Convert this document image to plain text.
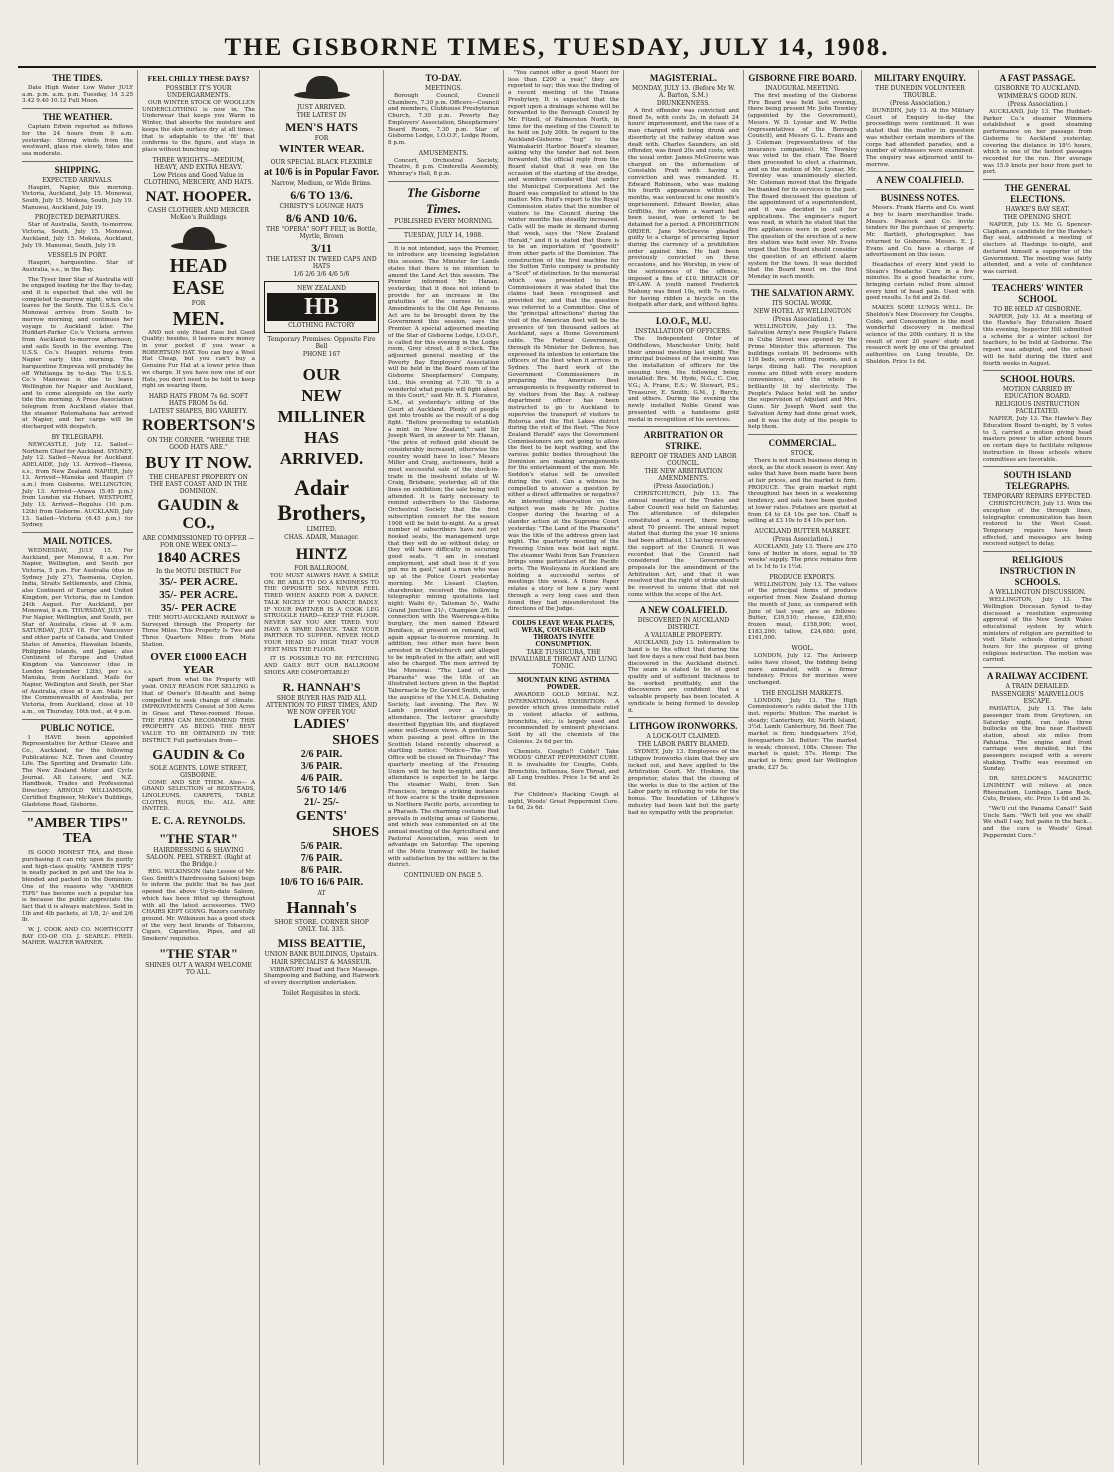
THE GISBORNE TIMES, TUESDAY, JULY 14, 1908.
THE TIDES.

Date High Water Low Water JULY a.m. p.m. a.m. p.m. Tuesday, 14 3.25 3.42 9.40 10.12 Full Moon.

THE WEATHER.

Captain Edwin reported as follows for the 24 hours from 9 a.m. yesterday: Strong winds from the westward, glass rise slowly, tides and sea moderate.

SHIPPING.
EXPECTED ARRIVALS.

Haupiri, Napier, this morning. Victoria, Auckland, July 15. Monowai, South, July 15. Mokoia, South, July 19. Manuwai, Auckland, July 19.

PROJECTED DEPARTURES.

Star of Australia, South, to-morrow. Victoria, South, July 15. Monowai, Auckland, July 15. Mokoia, Auckland, July 19. Manuwai, South, July 19.

VESSELS IN PORT.

Haupiri, barquentine. Star of Australia, s.s., in the Bay.

The Tyser liner Star of Australia will be engaged loading for the Bay to-day, and it is expected that she will be completed to-morrow night, when she leaves for the South. The U.S.S. Co.'s Monowai arrives from South to-morrow morning, and continues her voyage to Auckland later. The Huddart-Parker Co.'s Victoria arrives from Auckland to-morrow afternoon, and sails South in the evening. The U.S.S. Co.'s Haupiri returns from Napier early this morning. The barquentine Empreza will probably be off Whitianga by to-day. The U.S.S. Co.'s Manuwai is due to leave Wellington for Napier and Auckland, and to come alongside on the early tide this morning. A Press Association telegram from Auckland states that the steamer Rotomahana has arrived at Napier, and her cargo will be discharged with despatch.

BY TELEGRAPH.

NEWCASTLE, July 12. Sailed—Northern Chief for Auckland. SYDNEY, July 12. Sailed—Navua for Auckland. ADELAIDE, July 13. Arrived—Hawea, s.s., from New Zealand. NAPIER, July 13. Arrived—Manuka and Haupiri (7 a.m.) from Gisborne. WELLINGTON, July 13. Arrived—Arawa (5.45 p.m.) from London via Hobart. WESTPORT, July 13. Arrived—Regulus (10 p.m. 12th) from Gisborne. AUCKLAND, July 13. Sailed—Victoria (6.45 p.m.) for Sydney.

MAIL NOTICES.

WEDNESDAY, JULY 15. For Auckland, per Monowai, 8 a.m. For Napier, Wellington, and South per Victoria, 5 p.m. For Australia (due in Sydney July 27), Tasmania, Ceylon, India, Straits Settlements, and China, also Continent of Europe and United Kingdom, per Victoria, due in London 24th August. For Auckland, per Monowai, 8 a.m. THURSDAY, JULY 16. For Napier, Wellington, and South, per Star of Australia, close at 9 a.m. SATURDAY, JULY 18. For Vancouver and other parts of Canada, and United States of America, Hawaiian Islands, Philippine Islands, and Japan; also Continent of Europe and United Kingdom via Vancouver (due in London September 12th), per s.s. Manuka, from Auckland. Mails for Napier, Wellington and South, per Star of Australia, close at 9 a.m. Mails for the Commonwealth of Australia, per Victoria, from Auckland, close at 10 a.m., on Thursday, 16th inst., at 4 p.m.

PUBLIC NOTICE.

I HAVE been appointed Representative for Arthur Cleave and Co., Auckland, for the following Publications: N.Z. Town and Country Life. The Sporting and Dramatic Life. The New Zealand Motor and Cycle Journal. All Leisure, and N.Z. Handbook, Trades and Professional Directory. ARNOLD WILLIAMSON, Certified Engineer, McKee's Buildings, Gladstone Road, Gisborne.

"AMBER TIPS" TEA

IS GOOD HONEST TEA, and those purchasing it can rely upon its purity and high-class quality. "AMBER TIPS" is neatly packed in pot and the tea is blended and packed in the Dominion. One of the reasons why "AMBER TIPS" has become such a popular tea is because the public appreciate the fact that it is always matchless. Sold in 1lb and 4lb packets, at 1/8, 2/- and 2/6 lb.

W. J. COOK AND CO. NORTHCOTT BAY CO-OP. CO. J. SEARLE. FRED. MAHER. WALTER WARNER.

FEEL CHILLY THESE DAYS?
POSSIBLY IT'S YOUR UNDERGARMENTS.

OUR WINTER STOCK OF WOOLLEN UNDERCLOTHING is now in. The Underwear that keeps you Warm in Winter, that absorbs the moisture and keeps the skin surface dry at all times, that is adaptable to the 'fit' that conforms to the figure, and stays in place without bunching up.

THREE WEIGHTS—MEDIUM, HEAVY, AND EXTRA HEAVY.
Low Prices and Good Value in CLOTHING, MERCERY, AND HATS.
NAT. HOOPER.
CASH CLOTHIER AND MERCER McKee's Buildings
HEAD EASE
FOR
MEN.

AND not only Head Ease but Good Quality; besides, it leaves more money in your pocket if you wear a ROBERTSON HAT. You can buy a Wool Hat Cheap, but you can't buy a Genuine Fur Hat at a lower price than we charge. If you have now one of our Hats, you don't need to be told to keep right on wearing them.

HARD HATS FROM 7s 6d. SOFT HATS FROM 5s 6d.
LATEST SHAPES, BIG VARIETY.
ROBERTSON'S
ON THE CORNER. "WHERE THE GOOD HATS ARE."
BUY IT NOW.
THE CHEAPEST PROPERTY ON THE EAST COAST AND IN THE DOMINION.
GAUDIN & CO.,
ARE COMMISSIONED TO OFFER —FOR ONE WEEK ONLY—
1840 ACRES
In the MOTU DISTRICT For
35/- PER ACRE.
35/- PER ACRE.
35/- PER ACRE

THE MOTU-AUCKLAND RAILWAY is Surveyed through the Property for Three Miles. This Property Is Two and Three Quarters Miles from Motu Station.

OVER £1000 EACH YEAR

apart from what the Property will yield. ONLY REASON FOR SELLING is that of Owner's Ill-health and being compelled to seek change of climate. IMPROVEMENTS Consist of 500 Acres in Grass and Three-roomed House. THE FIRM CAN RECOMMEND THIS PROPERTY AS BEING THE BEST VALUE TO BE OBTAINED IN THE DISTRICT. Full particulars from—

GAUDIN & Co
SOLE AGENTS. LOWE STREET, GISBORNE.

COME AND SEE THEM. Also— A GRAND SELECTION of BEDSTEADS, LINOLEUMS, CARPETS, TABLE CLOTHS, RUGS, Etc. ALL ARE INVITED.

E. C. A. REYNOLDS.
"THE STAR"
HAIRDRESSING & SHAVING SALOON. PEEL STREET. (Right at the Bridge.)

REG. WILKINSON (late Lessee of Mr. Geo. Smith's Hairdressing Saloon) begs to inform the public that he has just opened the above Up-to-date Saloon, which has been fitted up throughout with all the latest accessories. TWO CHAIRS KEPT GOING. Razors carefully ground. Mr. Wilkinson has a good stock of the very best brands of Tobaccos, Cigars, Cigarettes, Pipes, and all Smokers' requisites.

"THE STAR"
SHINES OUT A WARM WELCOME TO ALL.
JUST ARRIVED.
THE LATEST IN
MEN'S HATS
FOR
WINTER WEAR.
OUR SPECIAL BLACK FLEXIBLE
at 10/6 is in Popular Favor.
Narrow, Medium, or Wide Brims.
6/6 TO 13/6.
CHRISTY'S LOUNGE HATS
8/6 AND 10/6.
THE "OPERA" SOFT FELT, in Bottle, Myrtle, Brown
3/11
THE LATEST IN TWEED CAPS AND HATS
1/6 2/6 3/6 4/6 5/6
NEW ZEALAND
HB
CLOTHING FACTORY
Temporary Premises: Opposite Fire Bell
PHONE 167
OUR
NEW
MILLINER
HAS
ARRIVED.
Adair
Brothers,
LIMITED.
CHAS. ADAIR, Manager.
HINTZ
FOR BALLROOM.

YOU MUST ALWAYS HAVE A SMILE ON. BE ABLE TO DO A KINDNESS TO THE OPPOSITE SEX. NEVER FEEL TIRED WHEN ASKED FOR A DANCE. TALK NICELY IF YOU DANCE BADLY. IF YOUR PARTNER IS A COOK LEG STRUGGLE HARD—KEEP THE FLOOR. NEVER SAY YOU ARE TIRED. YOU HAVE A SPARE DANCE. TAKE YOUR PARTNER TO SUPPER. NEVER HOLD YOUR HEAD SO HIGH THAT YOUR FEET MISS THE FLOOR.

IT IS POSSIBLE TO BE FETCHING AND GAILY BUT OUR BALLROOM SHOES ARE COMFORTABLE!

R. HANNAH'S
SHOE BUYER HAS PAID ALL ATTENTION TO FIRST TIMES, AND WE NOW OFFER YOU
LADIES'
SHOES
2/6 PAIR.
3/6 PAIR.
4/6 PAIR.
5/6 TO 14/6
21/- 25/-
GENTS'
SHOES
5/6 PAIR.
7/6 PAIR.
8/6 PAIR.
10/6 TO 16/6 PAIR.
AT
Hannah's
SHOE STORE. CORNER SHOP ONLY. Tel. 335.
MISS BEATTIE,
UNION BANK BUILDINGS, Upstairs.
HAIR SPECIALIST & MASSEUR.

VIBRATORY Head and Face Massage. Shampooing and Bathing, and Hairwork of every description undertaken.

Toilet Requisites in stock.
TO-DAY.
MEETINGS.

Borough Council, Council Chambers, 7.30 p.m. Officers—Council and members, Clubhouse Presbyterian Church, 7.30 p.m. Poverty Bay Employers' Association, Sheepfarmers' Board Room, 7.30 p.m. Star of Gisborne Lodge, I.O.O.F., Lodge Room, 8 p.m.

AMUSEMENTS.

Concert, Orchestral Society, Theatre, 8 p.m. Cinderella Assembly, Whinray's Hall, 8 p.m.

The Gisborne Times.
PUBLISHED EVERY MORNING.
TUESDAY, JULY 14, 1908.

It is not intended, says the Premier, to introduce any licensing legislation this session. The Minister for Lands states that there is no intention to amend the Land Act this session. The Premier informed Mr. Hanan, yesterday, that it does not intend to provide for an increase in the gratuities of the nurses to us. Amendments to the Old Age Pensions Act are to be brought down by the Government this session, says the Premier. A special adjourned meeting of the Star of Gisborne Lodge, I.O.O.F., is called for this evening in the Lodge room, Grey street, at 8 o'clock. The adjourned general meeting of the Poverty Bay Employers' Association will be held in the Board room of the Gisborne Sheepfarmers' Company, Ltd., this evening at 7.30. "It is a wonderful what people will fight about in this Court," said Mr. R. S. Florance, S.M., at yesterday's sitting of the Court at Auckland. Plenty of people get into trouble as the result of a dog fight. "Before proceeding to establish a mint in New Zealand," said Sir Joseph Ward, in answer to Mr. Hanan, "the price of refined gold should be considerably increased, otherwise the country would have to lose." Messrs Miller and Craig, auctioneers, held a most successful sale of the stock-in-trade in the insolvent estate of W. Craig, Brisbane, yesterday, all of the lines on exhibition; the sale being well attended. It is fairly necessary to remind subscribers to the Gisborne Orchestral Society that the first subscription concert for the season 1908 will be held to-night. As a great number of subscribers have not yet booked seats, the management urge that they will do so without delay, or they will have difficulty in securing good seats. "I am in constant employment, and shall lose it if you put me in gaol," said a man who was up at the Police Court yesterday morning. Mr. Lissant Clayton, sharebroker, received the following telegraphic mining quotations last night: Waihi 6/-, Talisman 5/-, Waihi Grand Junction 21/-, Champion 2/6. In connection with the Waerenga-a-hika burglary, the men named Edward Boniface, at present on remand, will again appear to-morrow morning. In addition, two other men have been arrested in Christchurch and alleged to be implicated in the affair, and will also be charged. The men arrived by the Monowai. "The Land of the Pharaohs" was the title of an illustrated lecture given in the Baptist Tabernacle by Dr. Gerard Smith, under the auspices of the Y.M.C.A. Debating Society, last evening. The Rev. W. Lamb presided over a large attendance. The lecturer gracefully described Egyptian life, and displayed some well-chosen views. A gentleman when passing a post office in the Scottish Island recently observed a startling notice: "Notice—The Post Office will be closed on Thursday." The quarterly meeting of the Freezing Union will be held to-night, and the attendance is expected to be large. The steamer Waihi, from San Francisco, brings a striking instance of how scarce is the trade depression in Northern Pacific ports, according to a Pharaoh. The charming costume that prevails in outlying areas of Gisborne, and which was commented on at the annual meeting of the Agricultural and Pastoral Association, was seen to advantage on Saturday. The opening of the Motu tramway will be hailed with satisfaction by the settlers in the district.

CONTINUED ON PAGE 5.

"You cannot offer a good Maori for less than £200 a year," they are reported to say; this was the finding of a recent meeting of the Tinana Presbytery. It is expected that the report upon a drainage scheme will be forwarded to the Borough Council by Mr. Fitzell, of Palmerston North, in time for the meeting of the Council to be held on July 20th. In regard to the Auckland-Gisborne "tug" to the Waimakariri Harbor Board's steamer, asking why the tender had not been forwarded, the official reply from the Board stated that it was on the occasion of the starting of the dredge, and wonders considered that under the Municipal Corporations Act the Board was compelled to attend to the matter. Mrs. Reid's report to the Royal Commission states that the number of visitors to the Council during the winter months has steadily increased. Calls will be made in demand during that week, says the "New Zealand Herald," and it is stated that there is to be an importation of "goodwill" from other parts of the Dominion. The construction of the first machine for the Sutton Tinto company is probably a "Scot" of distinction. In the memorial which was presented to the Commissioners it was stated that the claims had been recognised and provided for, and that the question was referred to a Committee. One of the "principal attractions" during the visit of the American fleet will be the presence of ten thousand sailors at Auckland, says a Home Government cable. The Federal Government, through its Minister for Defence, has expressed its intention to entertain the officers of the fleet when it arrives in Sydney. The hard work of the Government Commissioners in preparing the American fleet arrangements is frequently referred to by visitors from the Bay. A railway department officer has been instructed to go to Auckland to supervise the transport of visitors to Rotorua and the Hot Lakes district during the visit of the fleet. "The New Zealand Herald" says the Government Commissioners are not going to allow the fleet to be kept waiting, and the various public bodies throughout the Dominion are making arrangements for the entertainment of the men. Mr. Seddon's statue will be unveiled during the visit. Can a witness be compelled to answer a question by either a direct affirmative or negative? An interesting observation on the subject was made by Mr. Justice Cooper during the hearing of a slander action at the Supreme Court yesterday. "The Land of the Pharaohs" was the title of the address given last night. The quarterly meeting of the Freezing Union was held last night. The steamer Waihi from San Francisco brings some particulars of the Pacific ports. The Wesleyans in Auckland are holding a successful series of meetings this week. A Home Paper relates a story of how a jury went through a very long case and then found they had misunderstood the directions of the Judge.

COLDS LEAVE WEAK PLACES, WEAK, COUGH-HACKED THROATS INVITE CONSUMPTION.
TAKE TUSSICURA, THE INVALUABLE THROAT AND LUNG TONIC.
MOUNTAIN KING ASTHMA POWDER.

AWARDED GOLD MEDAL N.Z. INTERNATIONAL EXHIBITION. A powder which gives immediate relief in violent attacks of asthma, bronchitis, etc.; is largely used and recommended by eminent physicians. Sold by all the chemists of the Colonies. 2s 6d per tin.

Chemists, Coughs!! Colds!! Take WOODS' GREAT PEPPERMINT CURE. It is invaluable for Coughs, Colds, Bronchitis, Influenza, Sore Throat, and all Lung troubles. Price 1s 6d and 2s 6d.

For Children's Hacking Cough at night, Woods' Great Peppermint Cure. 1s 6d, 2s 6d.

MAGISTERIAL.
MONDAY, JULY 13. (Before Mr W. A. Barton, S.M.)
DRUNKENNESS.

A first offender was convicted and fined 5s, with costs 2s, in default 24 hours' imprisonment, and the case of a man charged with being drunk and disorderly at the railway station was dealt with. Charles Saunders, an old offender, was fined 20s and costs, with the usual order. James McGreevie was charged on the information of Constable Pratt with having a conviction and was remanded. H. Edward Robinson, who was making his fourth appearance within six months, was sentenced to one month's imprisonment. Edward Bowler, alias Griffiths, for whom a warrant had been issued, was ordered to be detained for a period. A PROHIBITION ORDER. Jane McGreevie pleaded guilty to a charge of procuring liquor during the currency of a prohibition order against him. He had been previously convicted on three occasions, and his Worship, in view of the seriousness of the offence, imposed a fine of £10. BREACH OF BY-LAW. A youth named Frederick Mahony was fined 10s, with 7s costs, for having ridden a bicycle on the footpath after dark, and without lights.

I.O.O.F., M.U.
INSTALLATION OF OFFICERS.

The Independent Order of Oddfellows, Manchester Unity, held their annual meeting last night. The principal business of the evening was the installation of officers for the ensuing term, the following being installed: Brs. M. Hyde, N.G.; C. Cox, V.G.; A. Frane, E.S.; W. Stewart, P.S.; Treasurer, E. Smith; G.M., J. Burch; and others. During the evening the newly installed Noble Grand was presented with a handsome gold medal in recognition of his services.

ARBITRATION OR STRIKE.
REPORT OF TRADES AND LABOR COUNCIL.
THE NEW ARBITRATION AMENDMENTS.
(Press Association.)

CHRISTCHURCH, July 13. The annual meeting of the Trades and Labor Council was held on Saturday. The attendance of delegates constituted a record, there being about 70 present. The annual report stated that during the year 16 unions had been affiliated, 13 having received the support of the Council. It was recorded that the Council had considered the Government's proposals for the amendment of the Arbitration Act, and that it was resolved that the right of strike should be reserved to unions that did not come within the scope of the Act.

A NEW COALFIELD.
DISCOVERED IN AUCKLAND DISTRICT.
A VALUABLE PROPERTY.

AUCKLAND, July 13. Information to hand is to the effect that during the last few days a new coal field has been discovered in the Auckland district. The seam is stated to be of good quality and of sufficient thickness to be worked profitably, and the discoverers are confident that a valuable property has been located. A syndicate is being formed to develop it.

LITHGOW IRONWORKS.
A LOCK-OUT CLAIMED.
THE LABOR PARTY BLAMED.

SYDNEY, July 13. Employees of the Lithgow Ironworks claim that they are locked out, and have applied to the Arbitration Court. Mr. Hoskins, the proprietor, states that the closing of the works is due to the action of the Labor party in refusing to vote for the bonus. The foundation of Lithgow's industry had been laid but the party had no sympathy with the proprietor.

GISBORNE FIRE BOARD.
INAUGURAL MEETING.

The first meeting of the Gisborne Fire Board was held last evening, there being present Mr. John Townley (appointed by the Government), Messrs. W. D. Lysnar and W. Pettie (representatives of the Borough Council), and Messrs G. L. Evans and J. Coleman (representatives of the insurance companies). Mr. Townley was voted to the chair. The Board then proceeded to elect a chairman, and on the motion of Mr. Lysnar, Mr. Townley was unanimously elected. Mr. Coleman moved that the Brigade be thanked for its services in the past. The Board discussed the question of the appointment of a superintendent, and it was decided to call for applications. The engineer's report was read, in which he stated that the fire appliances were in good order. The question of the erection of a new fire station was held over. Mr. Evans urged that the Board should consider the question of an efficient alarm system for the town. It was decided that the Board meet on the first Monday in each month.

THE SALVATION ARMY.
ITS SOCIAL WORK.
NEW HOTEL AT WELLINGTON
(Press Association.)

WELLINGTON, July 13. The Salvation Army's new People's Palace in Cuba Street was opened by the Prime Minister this afternoon. The buildings contain 91 bedrooms with 116 beds, seven sitting rooms, and a large dining hall. The reception rooms are fitted with every modern convenience, and the whole is brilliantly lit by electricity. The People's Palace hotel will be under the supervision of Adjutant and Mrs. Gunn. Sir Joseph Ward said the Salvation Army had done great work, and it was the duty of the people to help them.

COMMERCIAL.
STOCK.

There is not much business doing in stock, as the stock season is over. Any sales that have been made have been at fair prices, and the market is firm. PRODUCE. The grain market right throughout has been in a weakening tendency, and oats have been quoted at lower rates. Potatoes are quoted at from £4 to £4 10s per ton. Chaff is selling at £3 10s to £4 10s per ton.

AUCKLAND BUTTER MARKET.
(Press Association.)

AUCKLAND, July 13. There are 270 tons of butter in store, equal to 59 weeks' supply. The price remains firm at 1s 1d to 1s 1½d.

PRODUCE EXPORTS.

WELLINGTON, July 13. The values of the principal items of produce exported from New Zealand during the month of June, as compared with June of last year, are as follows: Butter, £39,510; cheese, £28,650; frozen meat, £158,900; wool, £183,200; tallow, £24,680; gold, £161,500.

WOOL.

LONDON, July 12. The Antwerp sales have closed, the bidding being more animated, with a firmer tendency. Prices for merinos were unchanged.

THE ENGLISH MARKETS.

LONDON, July 13. The High Commissioner's cable dated the 11th inst. reports: Mutton: The market is steady; Canterbury, 4d; North Island, 3½d. Lamb: Canterbury, 5d. Beef: The market is firm; hindquarters 3½d, forequarters 3d. Butter: The market is weak; choicest, 108s. Cheese: The market is quiet; 57s. Hemp: The market is firm; good fair Wellington grade, £27 5s.

MILITARY ENQUIRY.
THE DUNEDIN VOLUNTEER TROUBLE.
(Press Association.)

DUNEDIN, July 13. At the Military Court of Enquiry to-day the proceedings were continued. It was stated that the matter in question was whether certain members of the corps had attended parades, and a number of witnesses were examined. The enquiry was adjourned until to-morrow.

A NEW COALFIELD.
BUSINESS NOTES.

Messrs. Frank Harris and Co. want a boy to learn merchandise trade. Messrs. Peacock and Co. invite tenders for the purchase of property. Mr. Bartlett, photographer, has returned to Gisborne. Messrs. E. J. Evans and Co. have a charge of advertisement on this issue.

Headaches of every kind yield to Steam's Headache Cure in a few minutes. Its a good headache cure, bringing certain relief from almost every kind of head pain. Used with good results. 1s 6d and 2s 6d.

MAKES SORE LUNGS WELL. Dr. Sheldon's New Discovery for Coughs, Colds, and Consumption is the most wonderful discovery in medical science of the 20th century. It is the result of over 20 years' study and research work by one of the greatest authorities on Lung trouble, Dr. Sheldon. Price 1s 6d.

A FAST PASSAGE.
GISBORNE TO AUCKLAND.
WIMMERA'S GOOD RUN.
(Press Association.)

AUCKLAND, July 13. The Huddart-Parker Co.'s steamer Wimmera established a good steaming performance on her passage from Gisborne to Auckland yesterday, covering the distance in 18½ hours, which is one of the fastest passages recorded for the run. Her average was 15.9 knots per hour from port to port.

THE GENERAL ELECTIONS.
HAWKE'S BAY SEAT.
THE OPENING SHOT.

NAPIER, July 13. Mr. G. Spencer-Clapham, a candidate for the Hawke's Bay seat, addressed a meeting of electors at Hastings to-night, and declared himself a supporter of the Government. The meeting was fairly attended, and a vote of confidence was carried.

TEACHERS' WINTER SCHOOL
TO BE HELD AT GISBORNE.

NAPIER, July 13. At a meeting of the Hawke's Bay Education Board this evening, Inspector Hill submitted a scheme for a winter school for teachers, to be held at Gisborne. The report was adopted, and the school will be held during the third and fourth weeks in August.

SCHOOL HOURS.
MOTION CARRIED BY EDUCATION BOARD.
RELIGIOUS INSTRUCTION FACILITATED.

NAPIER, July 13. The Hawke's Bay Education Board to-night, by 5 votes to 3, carried a motion giving head masters power to alter school hours on certain days to facilitate religious instruction in those schools where committees are favorable.

SOUTH ISLAND TELEGRAPHS.
TEMPORARY REPAIRS EFFECTED.

CHRISTCHURCH, July 13. With the exception of the through lines, telegraphic communication has been restored to the West Coast. Temporary repairs have been effected, and messages are being received subject to delay.

RELIGIOUS INSTRUCTION IN SCHOOLS.
A WELLINGTON DISCUSSION.

WELLINGTON, July 13. The Wellington Diocesan Synod to-day discussed a resolution expressing approval of the New South Wales educational system by which ministers of religion are permitted to visit State schools during school hours for the purpose of giving religious instruction. The motion was carried.

A RAILWAY ACCIDENT.
A TRAIN DERAILED.
PASSENGERS' MARVELLOUS ESCAPE.

PAHIATUA, July 13. The late passenger train from Greytown, on Saturday night, ran into three bullocks on the line near Hastwell station, about six miles from Pahiatua. The engine and front carriage were derailed, but the passengers escaped with a severe shaking. Traffic was resumed on Sunday.

DR. SHELDON'S MAGNETIC LINIMENT will relieve at once Rheumatism, Lumbago, Lame Back, Cuts, Bruises, etc. Price 1s 6d and 3s.

"We'll cut the Panama Canal!" Said Uncle Sam. "We'll tell you we shall! We shall I say, but pains in the back... and the cure is Woods' Great Peppermint Cure."
